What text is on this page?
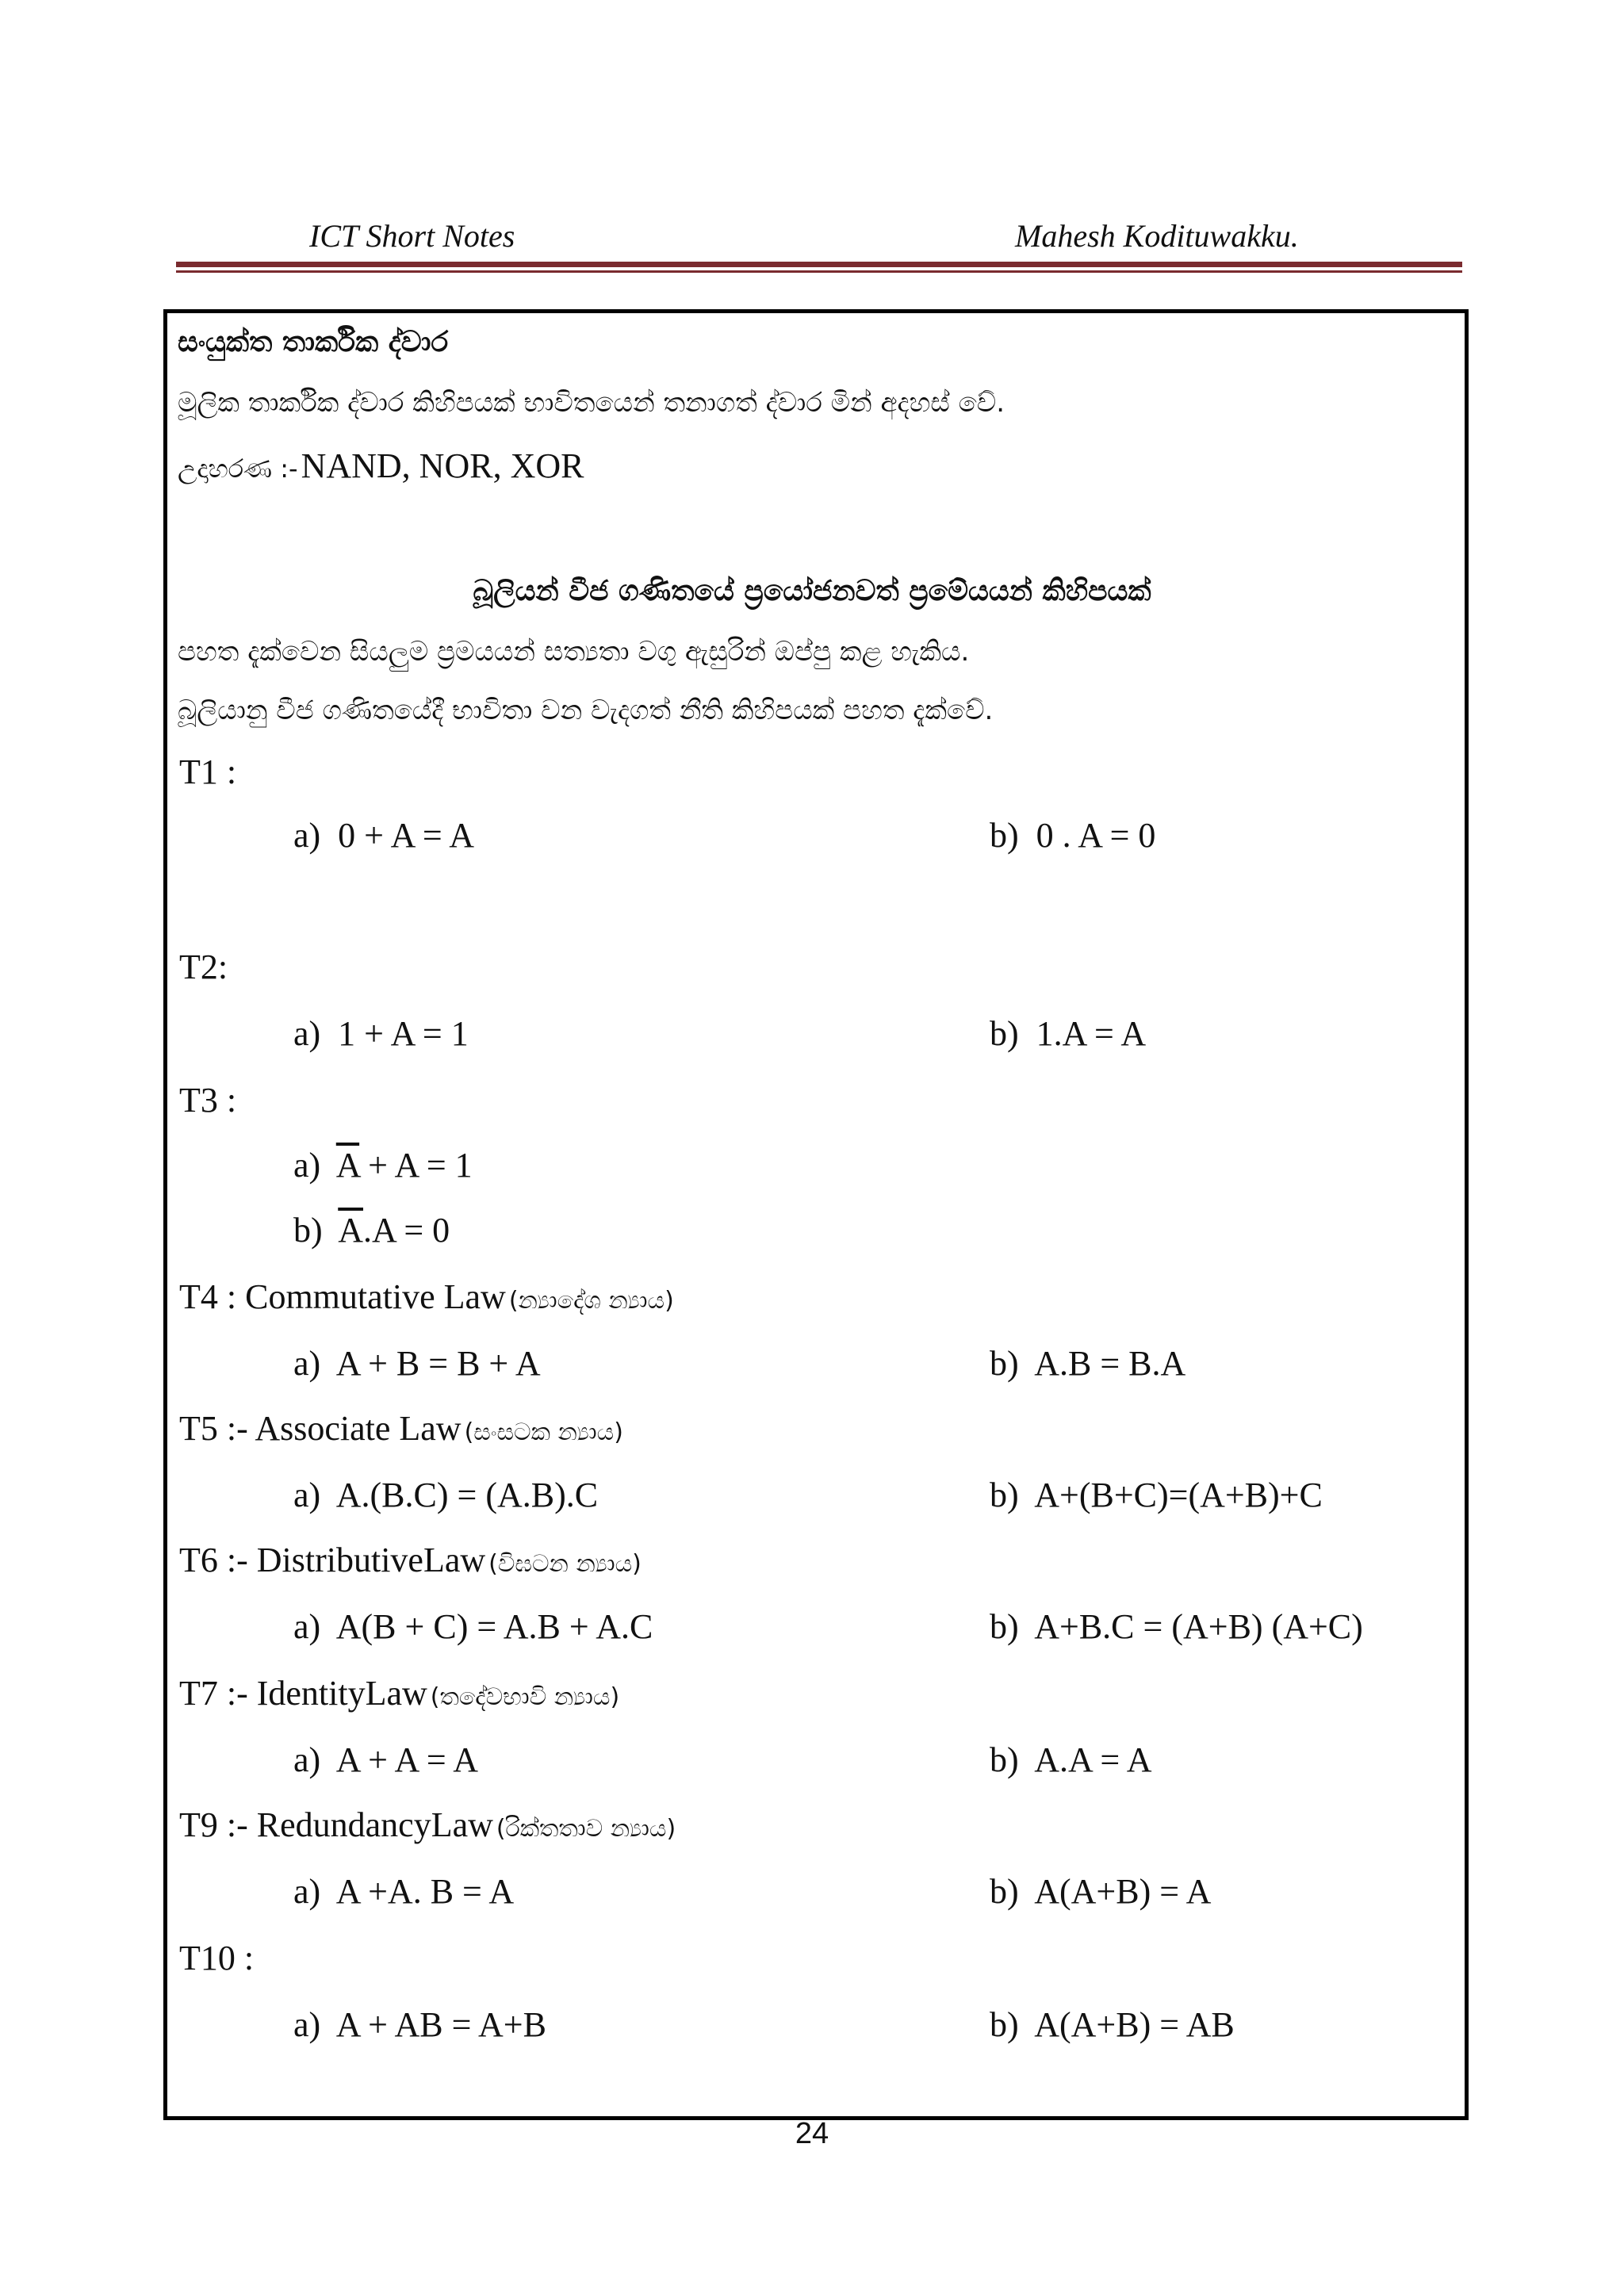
ICT Short Notes	Mahesh Kodituwakku.
සංයුක්ත තාර්කික ද්වාර
මූලික තාර්කික ද්වාර කිහිපයක් භාවිතයෙන් තනාගත් ද්වාර මින් අදහස් වේ.
උදාහරණ :- NAND, NOR, XOR
බූලියන් වීජ ගණිතයේ ප්‍රයෝජනවත් ප්‍රමේයයන් කිහිපයක්
පහත දැක්වෙන සියලුම ප්‍රමයයන් සත්‍යතා වගු ඇසුරින් ඔප්පු කළ හැකිය.
බූලියානු වීජ ගණිතයේදී භාවිතා වන වැදගත් නීති කිහිපයක් පහත දැක්වේ.
T1 :
a)  0 + A = A	b)  0 . A = 0
T2:
a)  1 + A = 1	b)  1.A = A
T3 :
a)  $\overline{A} + A = 1$
b)  $\overline{A}.A = 0$
T4 : Commutative Law (න්‍යාදේශ න්‍යාය)
a)  A + B = B + A	b)  A.B = B.A
T5 :- Associate Law (සංසටක න්‍යාය)
a)  A.(B.C) = (A.B).C	b)  A+(B+C)=(A+B)+C
T6 :- DistributiveLaw (විඝටන න්‍යාය)
a)  A(B + C) = A.B + A.C	b)  A+B.C = (A+B) (A+C)
T7 :- IdentityLaw (තදේවභාවි න්‍යාය)
a)  A + A = A	b)  A.A = A
T9 :- RedundancyLaw (රික්තතාව න්‍යාය)
a)  A +A. B = A	b)  A(A+B) = A
T10 :
a)  A + AB = A+B	b)  A(A+B) = AB
24
